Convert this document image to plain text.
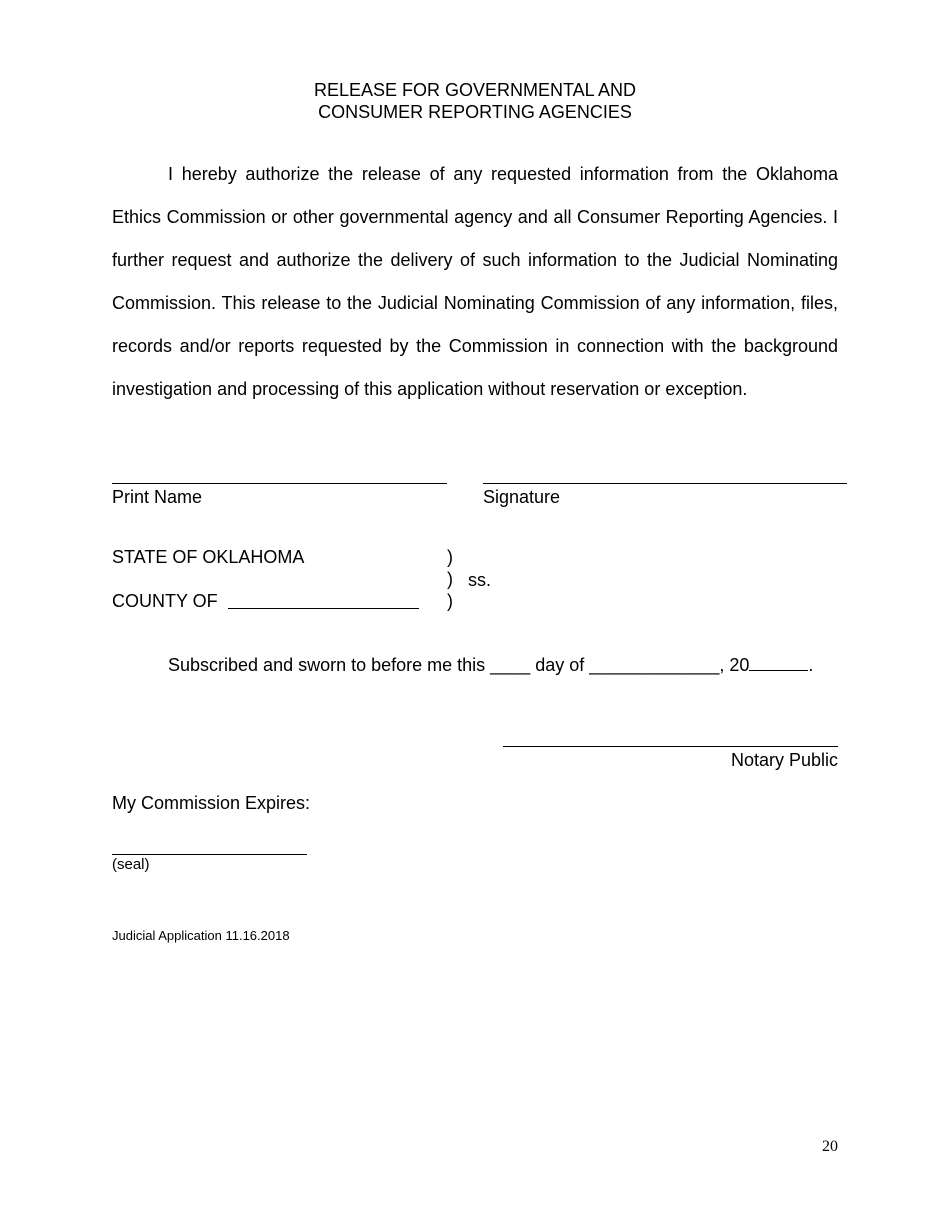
RELEASE FOR GOVERNMENTAL AND
CONSUMER REPORTING AGENCIES

I hereby authorize the release of any requested information from the Oklahoma Ethics Commission or other governmental agency and all Consumer Reporting Agencies. I further request and authorize the delivery of such information to the Judicial Nominating Commission. This release to the Judicial Nominating Commission of any information, files, records and/or reports requested by the Commission in connection with the background investigation and processing of this application without reservation or exception.

Print Name	Signature
STATE OF OKLAHOMA
COUNTY OF
)
)
)
ss.
Subscribed and sworn to before me this ____ day of _____________, 20	.
Notary Public
My Commission Expires:
(seal)
Judicial Application 11.16.2018
20
